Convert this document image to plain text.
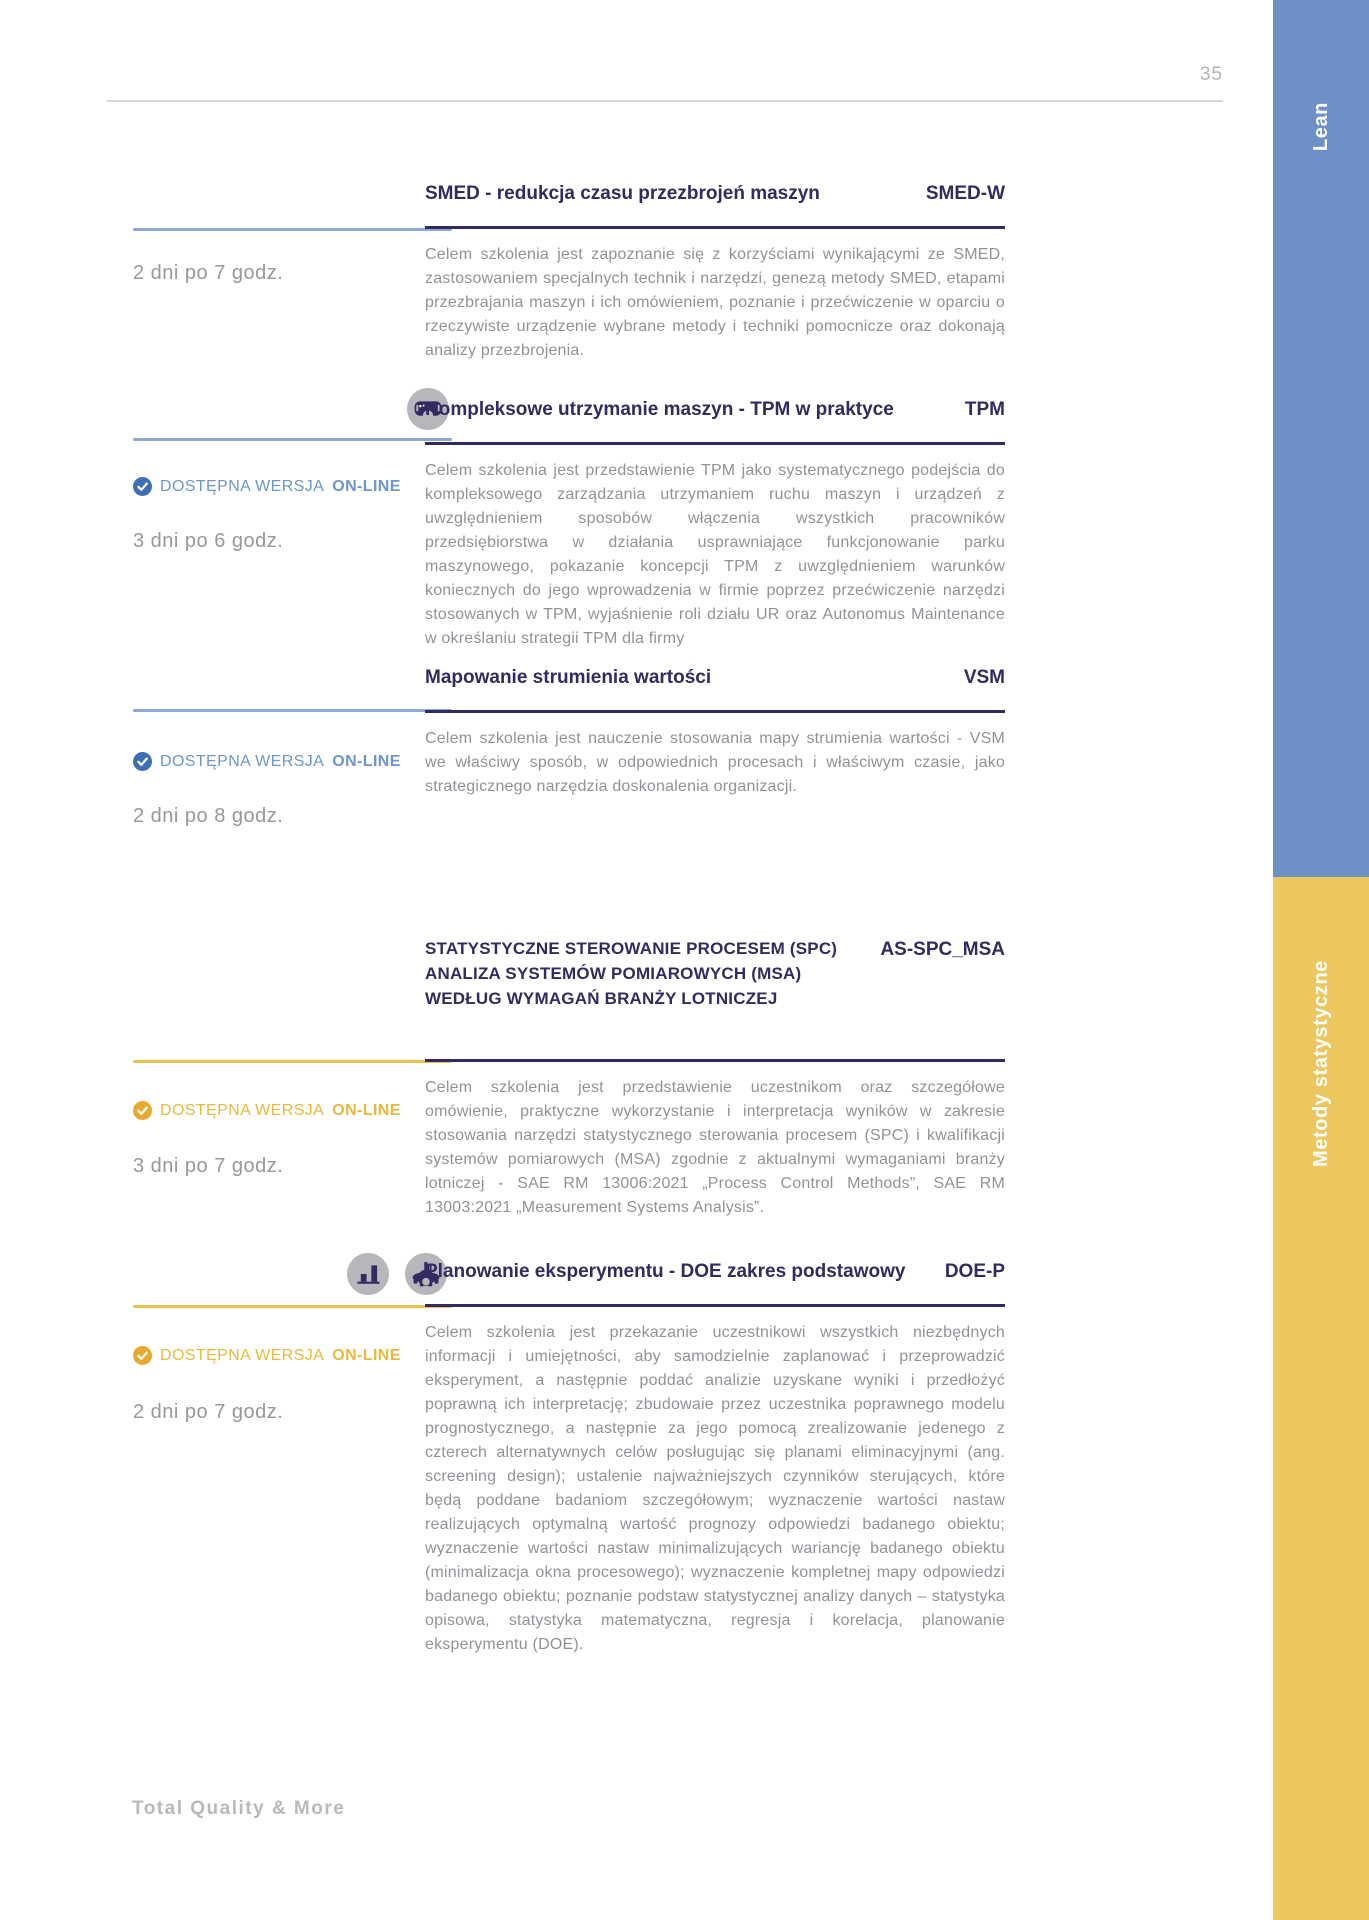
35
Lean
Metody statystyczne
2 dni po 7 godz.
DOSTĘPNA WERSJA ON-LINE
3 dni po 6 godz.
DOSTĘPNA WERSJA ON-LINE
2 dni po 8 godz.
DOSTĘPNA WERSJA ON-LINE
3 dni po 7 godz.
DOSTĘPNA WERSJA ON-LINE
2 dni po 7 godz.
SMED - redukcja czasu przezbrojeń maszyn	SMED-W

Celem szkolenia jest zapoznanie się z korzyściami wynikającymi ze SMED, zastosowaniem specjalnych technik i narzędzi, genezą metody SMED, etapami przezbrajania maszyn i ich omówieniem, poznanie i przećwiczenie w oparciu o rzeczywiste urządzenie wybrane metody i techniki pomocnicze oraz dokonają analizy przezbrojenia.

Kompleksowe utrzymanie maszyn - TPM w praktyce	TPM

Celem szkolenia jest przedstawienie TPM jako systematycznego podejścia do kompleksowego zarządzania utrzymaniem ruchu maszyn i urządzeń z uwzględnieniem sposobów włączenia wszystkich pracowników przedsiębiorstwa w działania usprawniające funkcjonowanie parku maszynowego, pokazanie koncepcji TPM z uwzględnieniem warunków koniecznych do jego wprowadzenia w firmie poprzez przećwiczenie narzędzi stosowanych w TPM, wyjaśnienie roli działu UR oraz Autonomus Maintenance w określaniu strategii TPM dla firmy

Mapowanie strumienia wartości	VSM

Celem szkolenia jest nauczenie stosowania mapy strumienia wartości - VSM we właściwy sposób, w odpowiednich procesach i właściwym czasie, jako strategicznego narzędzia doskonalenia organizacji.

STATYSTYCZNE STEROWANIE PROCESEM (SPC) ANALIZA SYSTEMÓW POMIAROWYCH (MSA) WEDŁUG WYMAGAŃ BRANŻY LOTNICZEJ
AS-SPC_MSA

Celem szkolenia jest przedstawienie uczestnikom oraz szczegółowe omówienie, praktyczne wykorzystanie i interpretacja wyników w zakresie stosowania narzędzi statystycznego sterowania procesem (SPC) i kwalifikacji systemów pomiarowych (MSA) zgodnie z aktualnymi wymaganiami branży lotniczej - SAE RM 13006:2021 „Process Control Methods”, SAE RM 13003:2021 „Measurement Systems Analysis”.

Planowanie eksperymentu - DOE zakres podstawowy DOE-P

Celem szkolenia jest przekazanie uczestnikowi wszystkich niezbędnych informacji i umiejętności, aby samodzielnie zaplanować i przeprowadzić eksperyment, a następnie poddać analizie uzyskane wyniki i przedłożyć poprawną ich interpretację; zbudowaie przez uczestnika poprawnego modelu prognostycznego, a następnie za jego pomocą zrealizowanie jedenego z czterech alternatywnych celów posługując się planami eliminacyjnymi (ang. screening design); ustalenie najważniejszych czynników sterujących, które będą poddane badaniom szczegółowym; wyznaczenie wartości nastaw realizujących optymalną wartość prognozy odpowiedzi badanego obiektu; wyznaczenie wartości nastaw minimalizujących wariancję badanego obiektu (minimalizacja okna procesowego); wyznaczenie kompletnej mapy odpowiedzi badanego obiektu; poznanie podstaw statystycznej analizy danych – statystyka opisowa, statystyka matematyczna, regresja i korelacja, planowanie eksperymentu (DOE).

Total Quality & More
